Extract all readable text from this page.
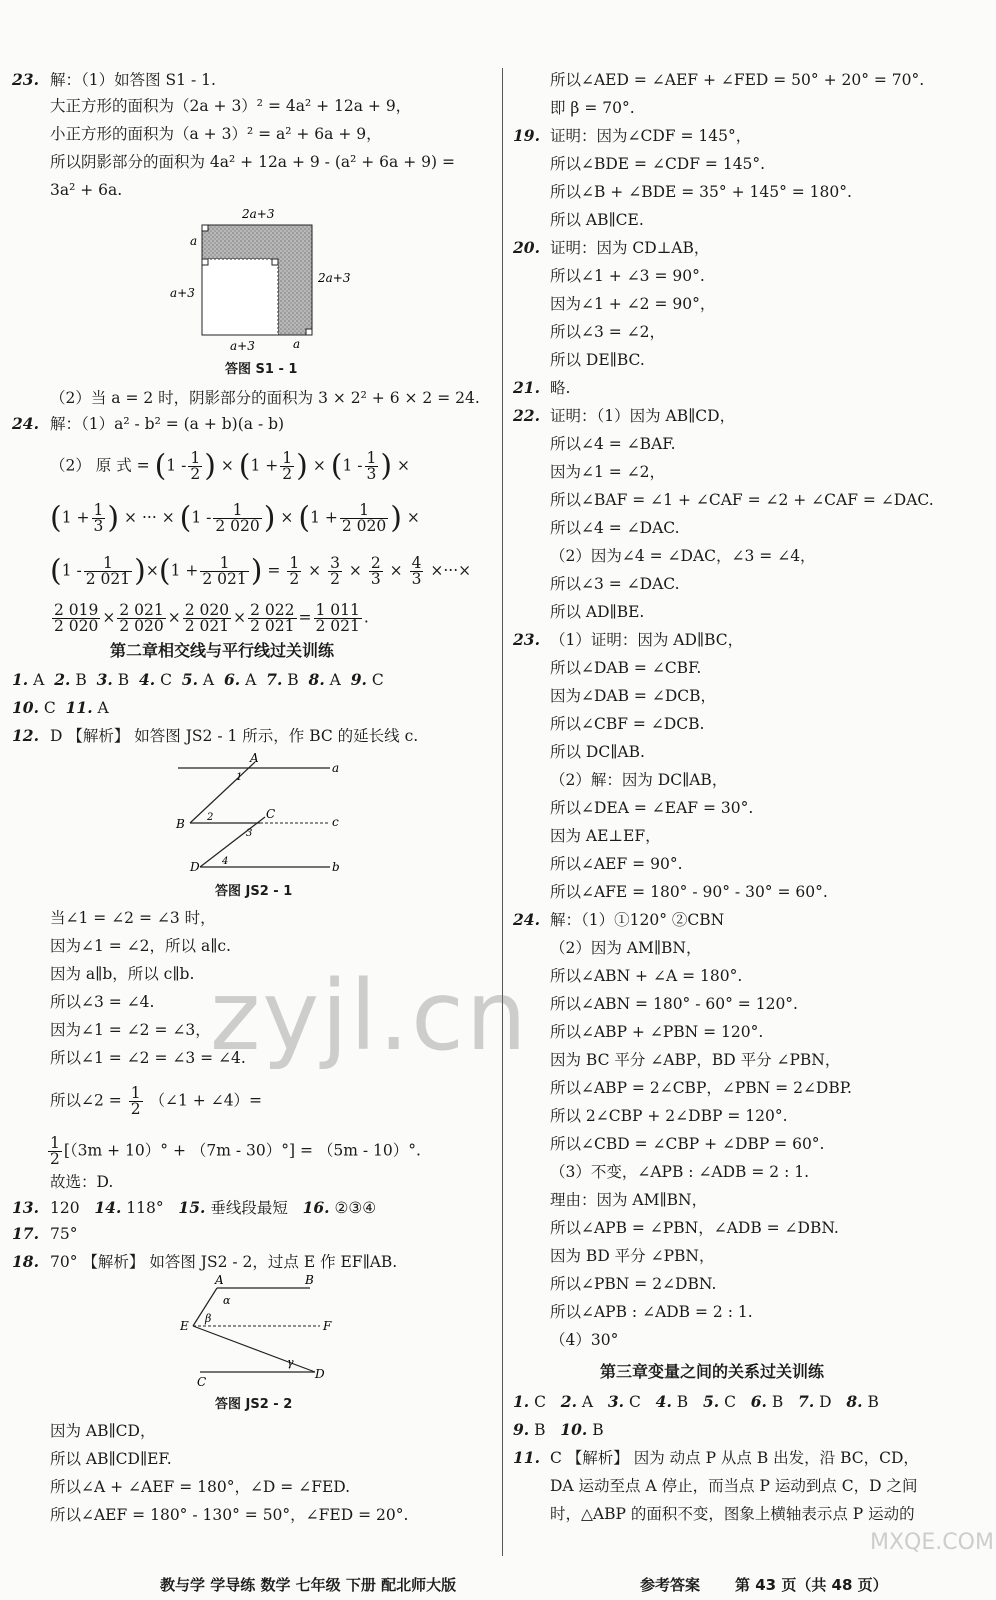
23. 解：（1）如答图 S1 - 1.
大正方形的面积为（2a + 3）² = 4a² + 12a + 9，
小正方形的面积为（a + 3）² = a² + 6a + 9，
所以阴影部分的面积为 4a² + 12a + 9 - (a² + 6a + 9) =
3a² + 6a.
2a+3
a
a+3
2a+3
a+3	a
答图 S1 - 1
（2）当 a = 2 时，阴影部分的面积为 3 × 2² + 6 × 2 = 24.
24. 解：（1）a² - b² = (a + b)(a - b)
（2） 原 式 = ($1 - \frac{1}{2}$ ) × ($1 + \frac{1}{2}$ ) × ($1 - \frac{1}{3}$ ) ×
($1 + \frac{1}{3}$ ) × ··· × ($1 - \frac{1}{2 020}$ ) × ($1 + \frac{1}{2 020}$ ) ×
$(1 - \frac{1}{2 021} )\times(1 + \frac{1}{2 021}$ ) = $\frac{1}{2} \times \frac{3}{2} \times \frac{2}{3} \times \frac{4}{3}$ ×···×
$\frac{2 019}{2 020} \times \frac{2 021}{2 020} \times \frac{2 020}{2 021} \times \frac{2 022}{2 021} = \frac{1 011}{2 021}$ .
第二章相交线与平行线过关训练
1. A 2. B 3. B 4. C 5. A 6. A 7. B 8. A 9. C
10. C 11. A
12. D 【解析】 如答图 JS2 - 1 所示，作 BC 的延长线 c.
A
a
1
B 2	C
c
3
D 4	b
答图 JS2 - 1
当∠1 = ∠2 = ∠3 时，
因为∠1 = ∠2，所以 a∥c.
因为 a∥b，所以 c∥b.
所以∠3 = ∠4.
因为∠1 = ∠2 = ∠3，
所以∠1 = ∠2 = ∠3 = ∠4.
所以∠2 = $\frac{1}{2}$ （∠1 + ∠4）=
$\frac{1}{2} [(3m + 10)^\circ + (7m - 30)^\circ] = (5m - 10)^\circ$.
故选：D.
13. 120 14. 118° 15. 垂线段最短 16. ②③④
17. 75°
18. 70° 【解析】 如答图 JS2 - 2，过点 E 作 EF∥AB.
A	B
α
β
E	F
γ
C
D
答图 JS2 - 2
因为 AB∥CD，
所以 AB∥CD∥EF.
所以∠A + ∠AEF = 180°，∠D = ∠FED.
所以∠AEF = 180° - 130° = 50°，∠FED = 20°.
所以∠AED = ∠AEF + ∠FED = 50° + 20° = 70°.
即 β = 70°.
19. 证明：因为∠CDF = 145°，
所以∠BDE = ∠CDF = 145°.
所以∠B + ∠BDE = 35° + 145° = 180°.
所以 AB∥CE.
20. 证明：因为 CD⊥AB，
所以∠1 + ∠3 = 90°.
因为∠1 + ∠2 = 90°，
所以∠3 = ∠2，
所以 DE∥BC.
21. 略.
22. 证明：（1）因为 AB∥CD，
所以∠4 = ∠BAF.
因为∠1 = ∠2，
所以∠BAF = ∠1 + ∠CAF = ∠2 + ∠CAF = ∠DAC.
所以∠4 = ∠DAC.
（2）因为∠4 = ∠DAC，∠3 = ∠4，
所以∠3 = ∠DAC.
所以 AD∥BE.
23. （1）证明：因为 AD∥BC，
所以∠DAB = ∠CBF.
因为∠DAB = ∠DCB，
所以∠CBF = ∠DCB.
所以 DC∥AB.
（2）解：因为 DC∥AB，
所以∠DEA = ∠EAF = 30°.
因为 AE⊥EF，
所以∠AEF = 90°.
所以∠AFE = 180° - 90° - 30° = 60°.
24. 解：（1）①120° ②CBN
（2）因为 AM∥BN，
所以∠ABN + ∠A = 180°.
所以∠ABN = 180° - 60° = 120°.
所以∠ABP + ∠PBN = 120°.
因为 BC 平分 ∠ABP，BD 平分 ∠PBN，
所以∠ABP = 2∠CBP，∠PBN = 2∠DBP.
所以 2∠CBP + 2∠DBP = 120°.
所以∠CBD = ∠CBP + ∠DBP = 60°.
（3）不变，∠APB : ∠ADB = 2 : 1.
理由：因为 AM∥BN，
所以∠APB = ∠PBN，∠ADB = ∠DBN.
因为 BD 平分 ∠PBN，
所以∠PBN = 2∠DBN.
所以∠APB : ∠ADB = 2 : 1.
（4）30°
第三章变量之间的关系过关训练
1. C 2. A 3. C 4. B 5. C 6. B 7. D 8. B
9. B 10. B
11. C 【解析】 因为 动点 P 从点 B 出发，沿 BC，CD，
DA 运动至点 A 停止，而当点 P 运动到点 C，D 之间
时，△ABP 的面积不变，图象上横轴表示点 P 运动的
zyjl.cn
MXQE.COM
教与学 学导练 数学 七年级 下册 配北师大版	参考答案 第 43 页（共 48 页）
